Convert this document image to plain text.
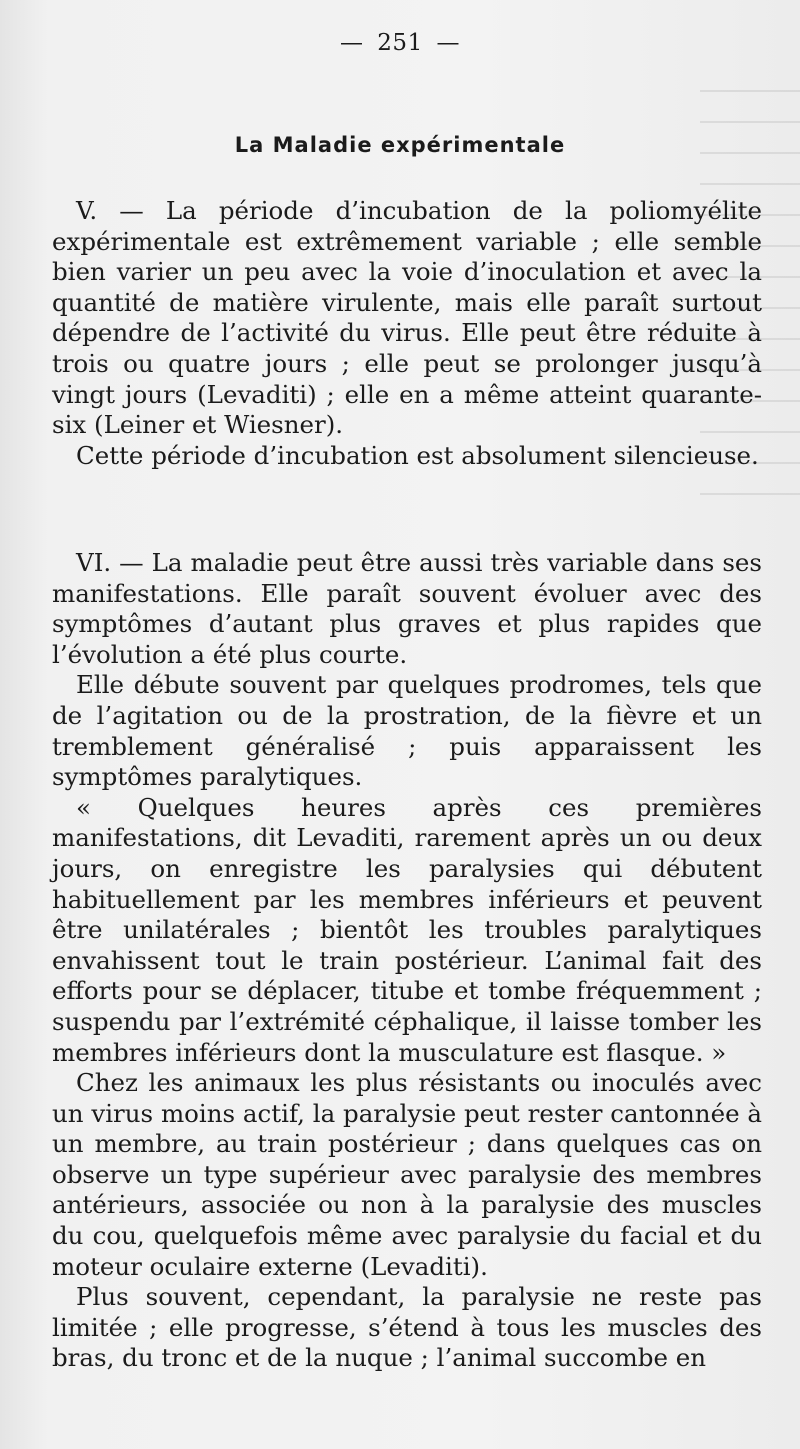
— 251 —
La Maladie expérimentale

V. — La période d’incubation de la poliomyélite expérimentale est extrêmement variable ; elle semble bien varier un peu avec la voie d’inoculation et avec la quantité de matière virulente, mais elle paraît surtout dépendre de l’activité du virus. Elle peut être réduite à trois ou quatre jours ; elle peut se prolonger jusqu’à vingt jours (Levaditi) ; elle en a même atteint quarante-six (Leiner et Wiesner).

Cette période d’incubation est absolument silencieuse.

VI. — La maladie peut être aussi très variable dans ses manifestations. Elle paraît souvent évoluer avec des symptômes d’autant plus graves et plus rapides que l’évolution a été plus courte.

Elle débute souvent par quelques prodromes, tels que de l’agitation ou de la prostration, de la fièvre et un tremblement généralisé ; puis apparaissent les symptômes paralytiques.

« Quelques heures après ces premières manifestations, dit Levaditi, rarement après un ou deux jours, on enregistre les paralysies qui débutent habituellement par les membres inférieurs et peuvent être unilatérales ; bientôt les troubles paralytiques envahissent tout le train postérieur. L’animal fait des efforts pour se déplacer, titube et tombe fréquemment ; suspendu par l’extrémité céphalique, il laisse tomber les membres inférieurs dont la musculature est flasque. »

Chez les animaux les plus résistants ou inoculés avec un virus moins actif, la paralysie peut rester cantonnée à un membre, au train postérieur ; dans quelques cas on observe un type supérieur avec paralysie des membres antérieurs, associée ou non à la paralysie des muscles du cou, quelquefois même avec paralysie du facial et du moteur oculaire externe (Levaditi).

Plus souvent, cependant, la paralysie ne reste pas limitée ; elle progresse, s’étend à tous les muscles des bras, du tronc et de la nuque ; l’animal succombe en
